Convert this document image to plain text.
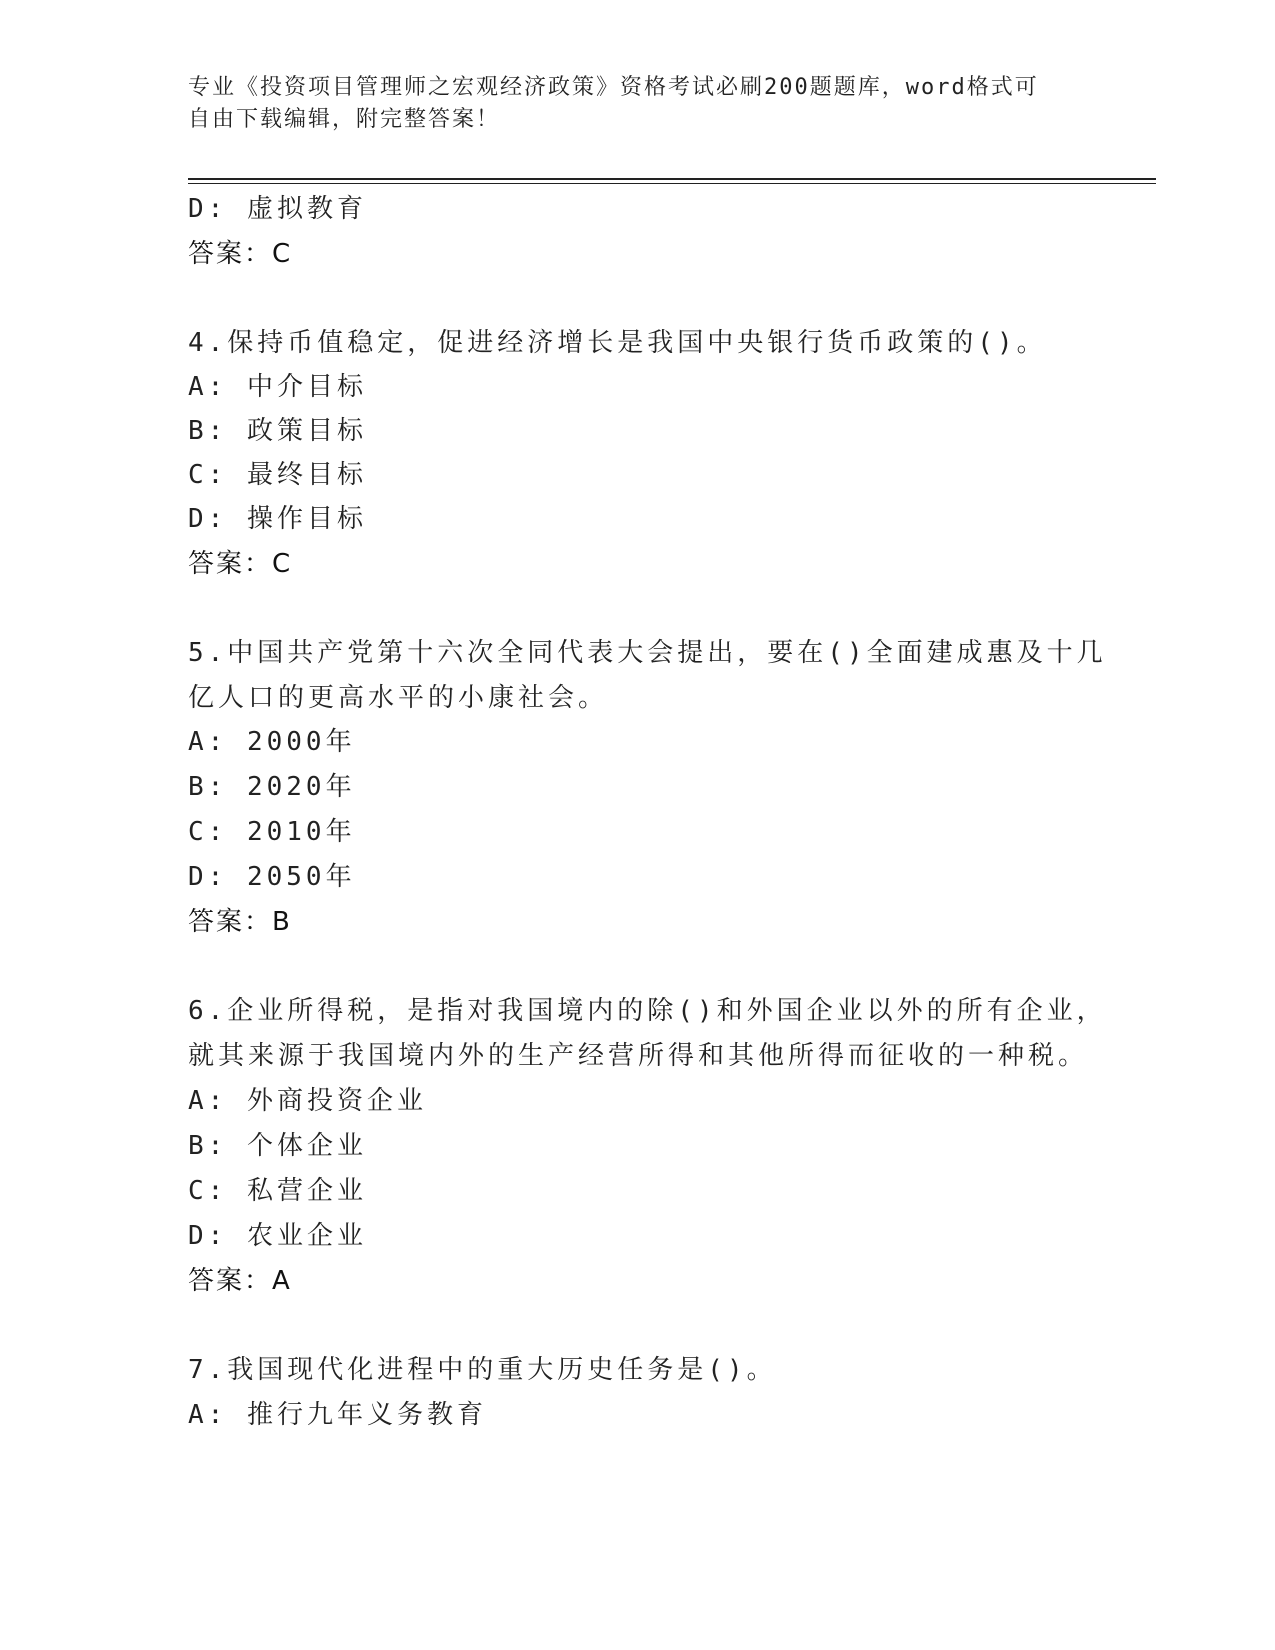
专业《投资项目管理师之宏观经济政策》资格考试必刷200题题库，word格式可
自由下载编辑，附完整答案！
D: 虚拟教育
答案：C
4.保持币值稳定，促进经济增长是我国中央银行货币政策的()。
A: 中介目标
B: 政策目标
C: 最终目标
D: 操作目标
答案：C
5.中国共产党第十六次全同代表大会提出，要在()全面建成惠及十几
亿人口的更高水平的小康社会。
A: 2000年
B: 2020年
C: 2010年
D: 2050年
答案：B
6.企业所得税，是指对我国境内的除()和外国企业以外的所有企业，
就其来源于我国境内外的生产经营所得和其他所得而征收的一种税。
A: 外商投资企业
B: 个体企业
C: 私营企业
D: 农业企业
答案：A
7.我国现代化进程中的重大历史任务是()。
A: 推行九年义务教育
